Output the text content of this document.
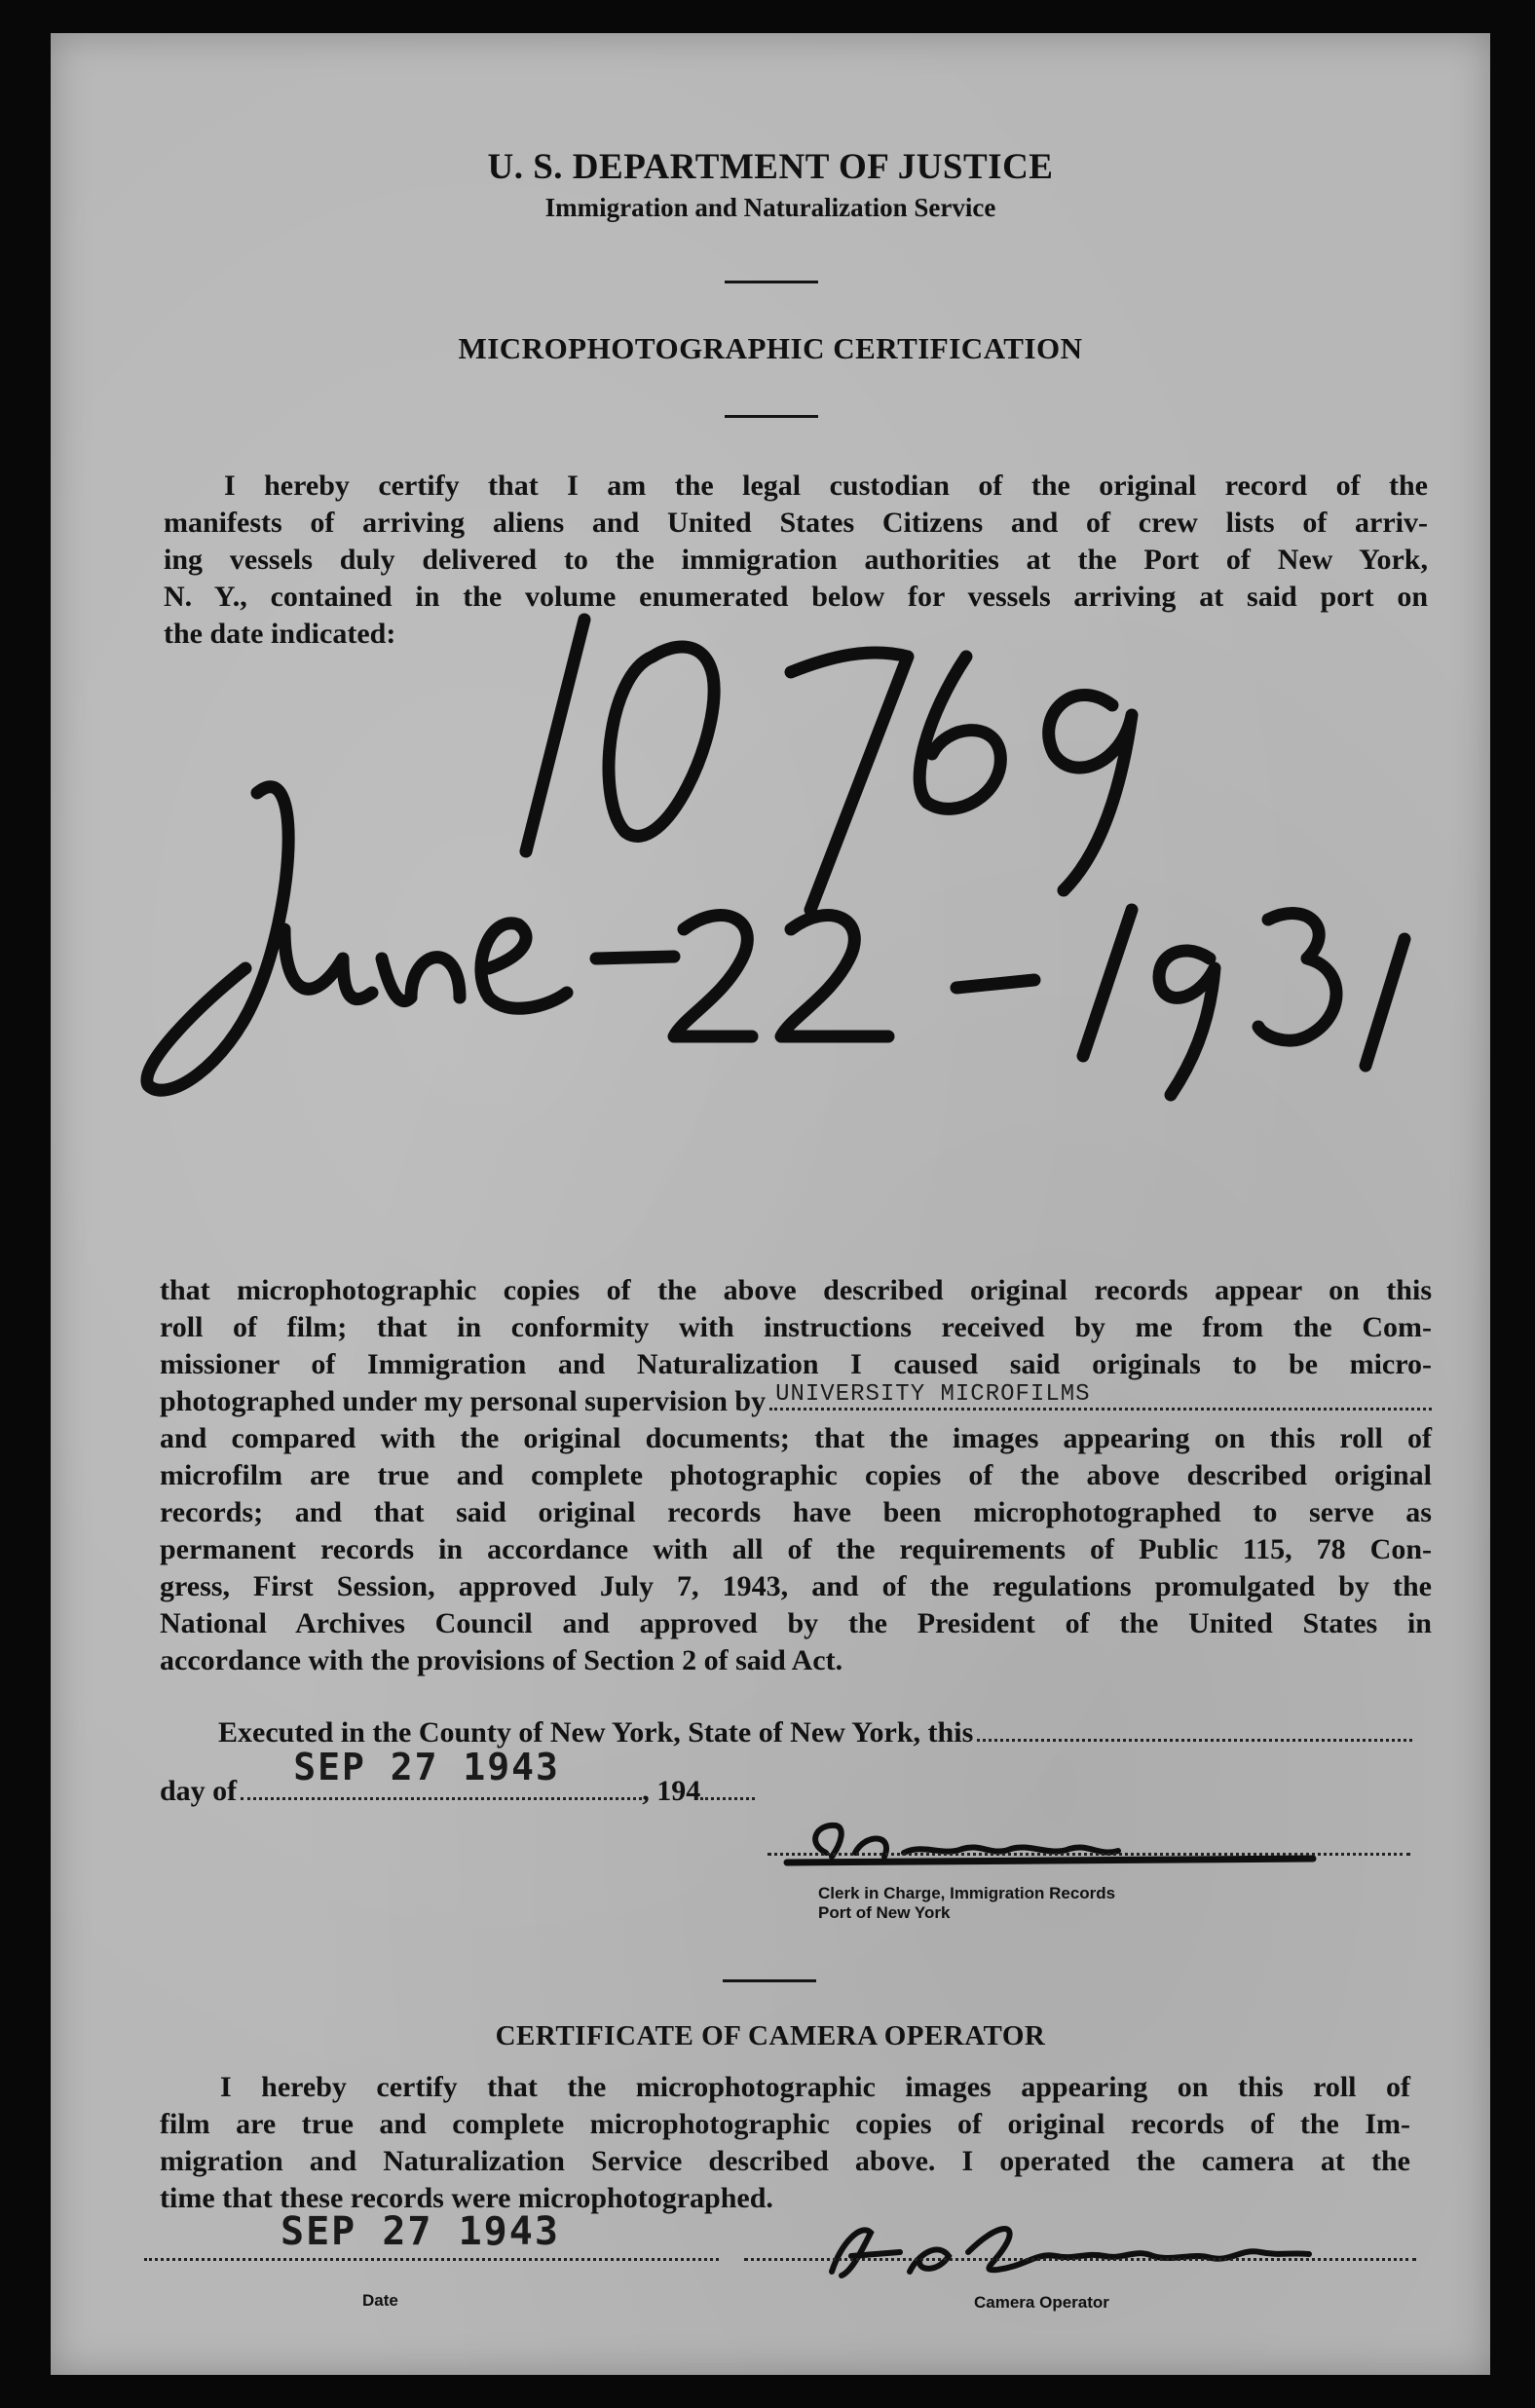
U. S. DEPARTMENT OF JUSTICE
Immigration and Naturalization Service
MICROPHOTOGRAPHIC CERTIFICATION
I hereby certify that I am the legal custodian of the original record of the
manifests of arriving aliens and United States Citizens and of crew lists of arriv-
ing vessels duly delivered to the immigration authorities at the Port of New York,
N. Y., contained in the volume enumerated below for vessels arriving at said port on
the date indicated:
that microphotographic copies of the above described original records appear on this
roll of film; that in conformity with instructions received by me from the Com-
missioner of Immigration and Naturalization I caused said originals to be micro-
photographed under my personal supervision by UNIVERSITY MICROFILMS
and compared with the original documents; that the images appearing on this roll of
microfilm are true and complete photographic copies of the above described original
records; and that said original records have been microphotographed to serve as
permanent records in accordance with all of the requirements of Public 115, 78 Con-
gress, First Session, approved July 7, 1943, and of the regulations promulgated by the
National Archives Council and approved by the President of the United States in
accordance with the provisions of Section 2 of said Act.
Executed in the County of New York, State of New York, this
day of
SEP 27 1943
, 194
Clerk in Charge, Immigration Records
Port of New York
CERTIFICATE OF CAMERA OPERATOR
I hereby certify that the microphotographic images appearing on this roll of
film are true and complete microphotographic copies of original records of the Im-
migration and Naturalization Service described above. I operated the camera at the
time that these records were microphotographed.
SEP 27 1943
Date	Camera Operator
